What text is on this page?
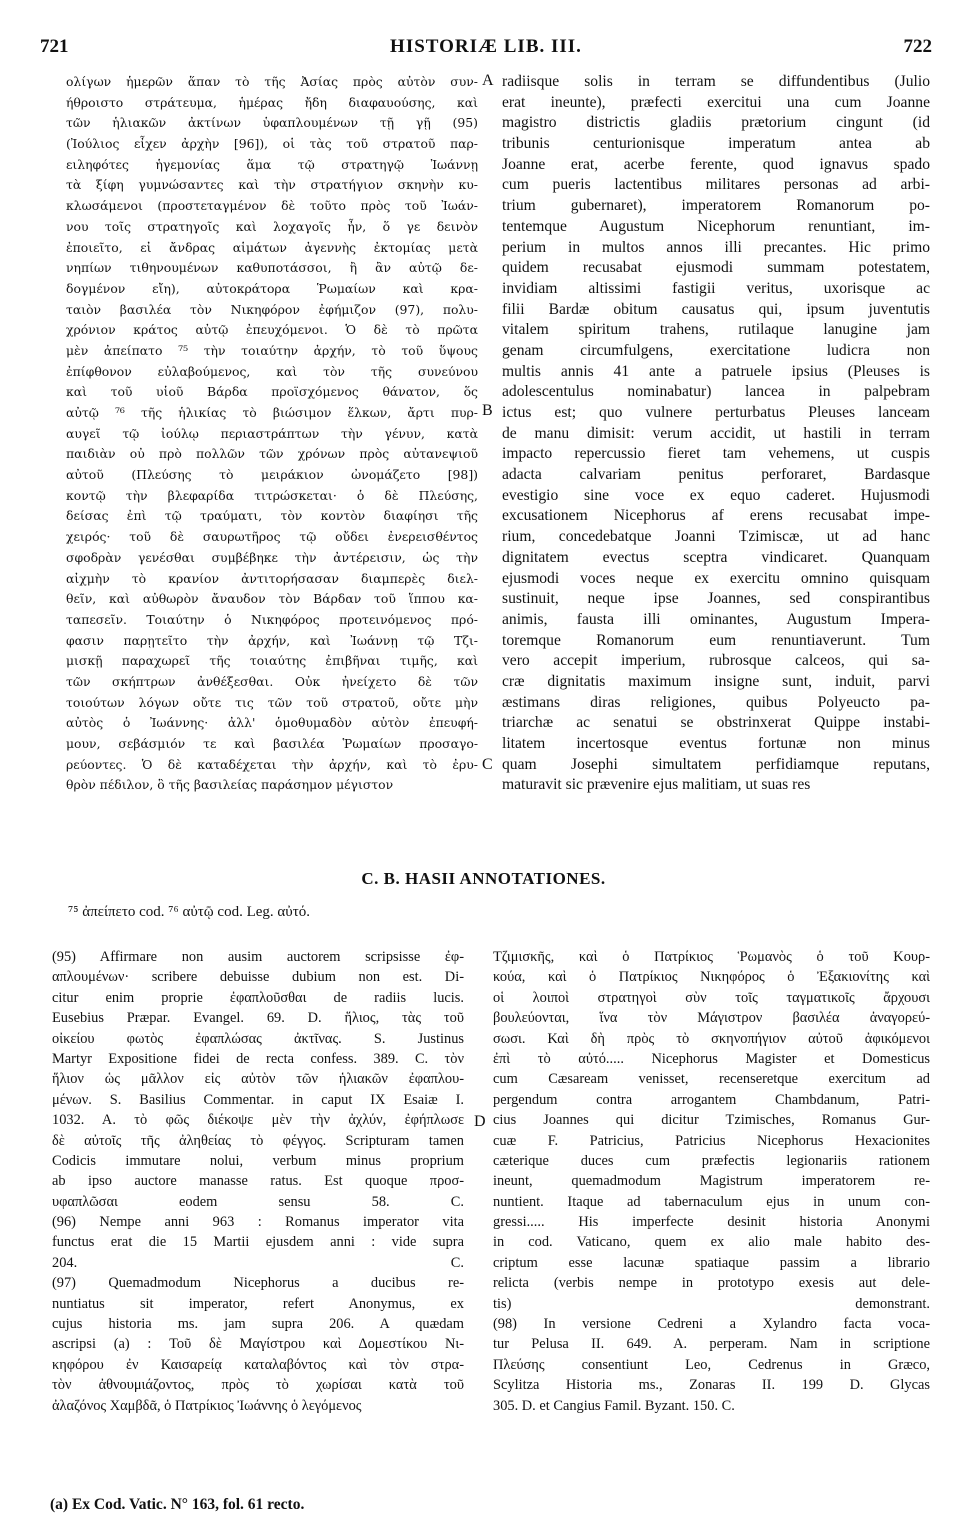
721	HISTORIÆ LIB. III.	722
ολίγων ἡμερῶν ἅπαν τὸ τῆς Ἀσίας πρὸς αὐτὸν συν-
ήθροιστο στράτευμα, ἡμέρας ἤδη διαφαυούσης, καὶ
τῶν ἡλιακῶν ἀκτίνων ὑφαπλουμένων τῇ γῇ (95)
(Ἰούλιος εἶχεν ἀρχὴν [96]), οἱ τὰς τοῦ στρατοῦ παρ-
ειληφότες ἡγεμονίας ἅμα τῷ στρατηγῷ Ἰωάννῃ
τὰ ξίφη γυμνώσαντες καὶ τὴν στρατήγιον σκηνὴν κυ-
κλωσάμενοι (προστεταγμένον δὲ τοῦτο πρὸς τοῦ Ἰωάν-
νου τοῖς στρατηγοῖς καὶ λοχαγοῖς ἦν, ὅ γε δεινὸν
ἐποιεῖτο, εἰ ἄνδρας αἱμάτων ἀγεννὴς ἐκτομίας μετὰ
νηπίων τιθηνουμένων καθυποτάσσοι, ἢ ἂν αὐτῷ δε-
δογμένον εἴη), αὐτοκράτορα Ῥωμαίων καὶ κρα-
ταιὸν βασιλέα τὸν Νικηφόρον ἐφήμιζον (97), πολυ-
χρόνιον κράτος αὐτῷ ἐπευχόμενοι. Ὁ δὲ τὸ πρῶτα
μὲν ἀπείπατο ⁷⁵ τὴν τοιαύτην ἀρχήν, τὸ τοῦ ὕψους
ἐπίφθονον εὐλαβούμενος, καὶ τὸν τῆς συνεύνου
καὶ τοῦ υἱοῦ Βάρδα προϊσχόμενος θάνατον, ὅς
αὐτῷ ⁷⁶ τῆς ἡλικίας τὸ βιώσιμον ἕλκων, ἄρτι πυρ-
αυγεῖ τῷ ἰούλῳ περιαστράπτων τὴν γένυν, κατὰ
παιδιὰν οὐ πρὸ πολλῶν τῶν χρόνων πρὸς αὐτανεψιοῦ
αὐτοῦ (Πλεύσης τὸ μειράκιον ὠνομάζετο [98])
κοντῷ τὴν βλεφαρίδα τιτρώσκεται· ὁ δὲ Πλεύσης,
δείσας ἐπὶ τῷ τραύματι, τὸν κοντὸν διαφίησι τῆς
χειρός· τοῦ δὲ σαυρωτῆρος τῷ οὔδει ἐνερεισθέντος
σφοδρὰν γενέσθαι συμβέβηκε τὴν ἀντέρεισιν, ὡς τὴν
αἰχμὴν τὸ κρανίον ἀντιτορήσασαν διαμπερὲς διελ-
θεῖν, καὶ αὐθωρὸν ἄναυδον τὸν Βάρδαν τοῦ ἵππου κα-
ταπεσεῖν. Τοιαύτην ὁ Νικηφόρος προτεινόμενος πρό-
φασιν παρῃτεῖτο τὴν ἀρχήν, καὶ Ἰωάννῃ τῷ Τζι-
μισκῇ παραχωρεῖ τῆς τοιαύτης ἐπιβῆναι τιμῆς, καὶ
τῶν σκήπτρων ἀνθέξεσθαι. Οὐκ ἠνείχετο δὲ τῶν
τοιούτων λόγων οὔτε τις τῶν τοῦ στρατοῦ, οὔτε μὴν
αὐτὸς ὁ Ἰωάννης· ἀλλ' ὁμοθυμαδὸν αὐτὸν ἐπευφή-
μουν, σεβάσμιόν τε καὶ βασιλέα Ῥωμαίων προσαγο-
ρεύοντες. Ὁ δὲ καταδέχεται τὴν ἀρχήν, καὶ τὸ ἐρυ-
θρὸν πέδιλον, ὃ τῆς βασιλείας παράσημον μέγιστον
A
B
C
radiisque solis in terram se diffundentibus (Julio
erat ineunte), præfecti exercitui una cum Joanne
magistro districtis gladiis prætorium cingunt (id
tribunis centurionisque imperatum antea ab
Joanne erat, acerbe ferente, quod ignavus spado
cum pueris lactentibus militares personas ad arbi-
trium gubernaret), imperatorem Romanorum po-
tentemque Augustum Nicephorum renuntiant, im-
perium in multos annos illi precantes. Hic primo
quidem recusabat ejusmodi summam potestatem,
invidiam altissimi fastigii veritus, uxorisque ac
filii Bardæ obitum causatus qui, ipsum juventutis
vitalem spiritum trahens, rutilaque lanugine jam
genam circumfulgens, exercitatione ludicra non
multis annis 41 ante a patruele ipsius (Pleuses is
adolescentulus nominabatur) lancea in palpebram
ictus est; quo vulnere perturbatus Pleuses lanceam
de manu dimisit: verum accidit, ut hastili in terram
impacto repercussio fieret tam vehemens, ut cuspis
adacta calvariam penitus perforaret, Bardasque
evestigio sine voce ex equo caderet. Hujusmodi
excusationem Nicephorus af erens recusabat impe-
rium, concedebatque Joanni Tzimiscæ, ut ad hanc
dignitatem evectus sceptra vindicaret. Quanquam
ejusmodi voces neque ex exercitu omnino quisquam
sustinuit, neque ipse Joannes, sed conspirantibus
animis, fausta illi ominantes, Augustum Impera-
toremque Romanorum eum renuntiaverunt. Tum
vero accepit imperium, rubrosque calceos, qui sa-
cræ dignitatis maximum insigne sunt, induit, parvi
æstimans diras religiones, quibus Polyeucto pa-
triarchæ ac senatui se obstrinxerat Quippe instabi-
litatem incertosque eventus fortunæ non minus
quam Josephi simultatem perfidiamque reputans,
maturavit sic prævenire ejus malitiam, ut suas res
C. B. HASII ANNOTATIONES.
⁷⁵ ἀπείπετο cod. ⁷⁶ αὐτῷ cod. Leg. αὐτό.
(95) Affirmare non ausim auctorem scripsisse ἐφ-
απλουμένων· scribere debuisse dubium non est. Di-
citur enim proprie ἐφαπλοῦσθαι de radiis lucis.
Eusebius Præpar. Evangel. 69. D. ἥλιος, τὰς τοῦ
οἰκείου φωτὸς ἐφαπλώσας ἀκτῖνας. S. Justinus
Martyr Expositione fidei de recta confess. 389. C. τὸν
ἥλιον ὡς μᾶλλον εἰς αὐτὸν τῶν ἡλιακῶν ἐφαπλου-
μένων. S. Basilius Commentar. in caput IX Esaiæ I.
1032. A. τὸ φῶς διέκοψε μὲν τὴν ἀχλύν, ἐφήπλωσε
δὲ αὐτοῖς τῆς ἀληθείας τὸ φέγγος. Scripturam tamen
Codicis immutare nolui, verbum minus proprium
ab ipso auctore manasse ratus. Est quoque προσ-
υφαπλῶσαι eodem sensu 58. C.
(96) Nempe anni 963 : Romanus imperator vita
functus erat die 15 Martii ejusdem anni : vide supra
204. C.
(97) Quemadmodum Nicephorus a ducibus re-
nuntiatus sit imperator, refert Anonymus, ex
cujus historia ms. jam supra 206. A quædam
ascripsi (a) : Τοῦ δὲ Μαγίστρου καὶ Δομεστίκου Νι-
κηφόρου ἐν Καισαρείᾳ καταλαβόντος καὶ τὸν στρα-
τὸν ἀθνουμιάζοντος, πρὸς τὸ χωρίσαι κατὰ τοῦ
ἀλαζόνος Χαμβδᾶ, ὁ Πατρίκιος Ἰωάννης ὁ λεγόμενος
D
Τζιμισκῆς, καὶ ὁ Πατρίκιος Ῥωμανὸς ὁ τοῦ Κουρ-
κούα, καὶ ὁ Πατρίκιος Νικηφόρος ὁ Ἐξακιονίτης καὶ
οἱ λοιποὶ στρατηγοὶ σὺν τοῖς ταγματικοῖς ἄρχουσι
βουλεύονται, ἵνα τὸν Μάγιστρον βασιλέα ἀναγορεύ-
σωσι. Καὶ δὴ πρὸς τὸ σκηνοπήγιον αὐτοῦ ἀφικόμενοι
ἐπὶ τὸ αὐτό..... Nicephorus Magister et Domesticus
cum Cæsaream venisset, recenseretque exercitum ad
pergendum contra arrogantem Chambdanum, Patri-
cius Joannes qui dicitur Tzimisches, Romanus Gur-
cuæ F. Patricius, Patricius Nicephorus Hexacionites
cæterique duces cum præfectis legionariis rationem
ineunt, quemadmodum Magistrum imperatorem re-
nuntient. Itaque ad tabernaculum ejus in unum con-
gressi..... His imperfecte desinit historia Anonymi
in cod. Vaticano, quem ex alio male habito des-
criptum esse lacunæ spatiaque passim a librario
relicta (verbis nempe in prototypo exesis aut dele-
tis) demonstrant.
(98) In versione Cedreni a Xylandro facta voca-
tur Pelusa II. 649. A. perperam. Nam in scriptione
Πλεύσης consentiunt Leo, Cedrenus in Græco,
Scylitza Historia ms., Zonaras II. 199 D. Glycas
305. D. et Cangius Famil. Byzant. 150. C.
(a) Ex Cod. Vatic. N° 163, fol. 61 recto.
